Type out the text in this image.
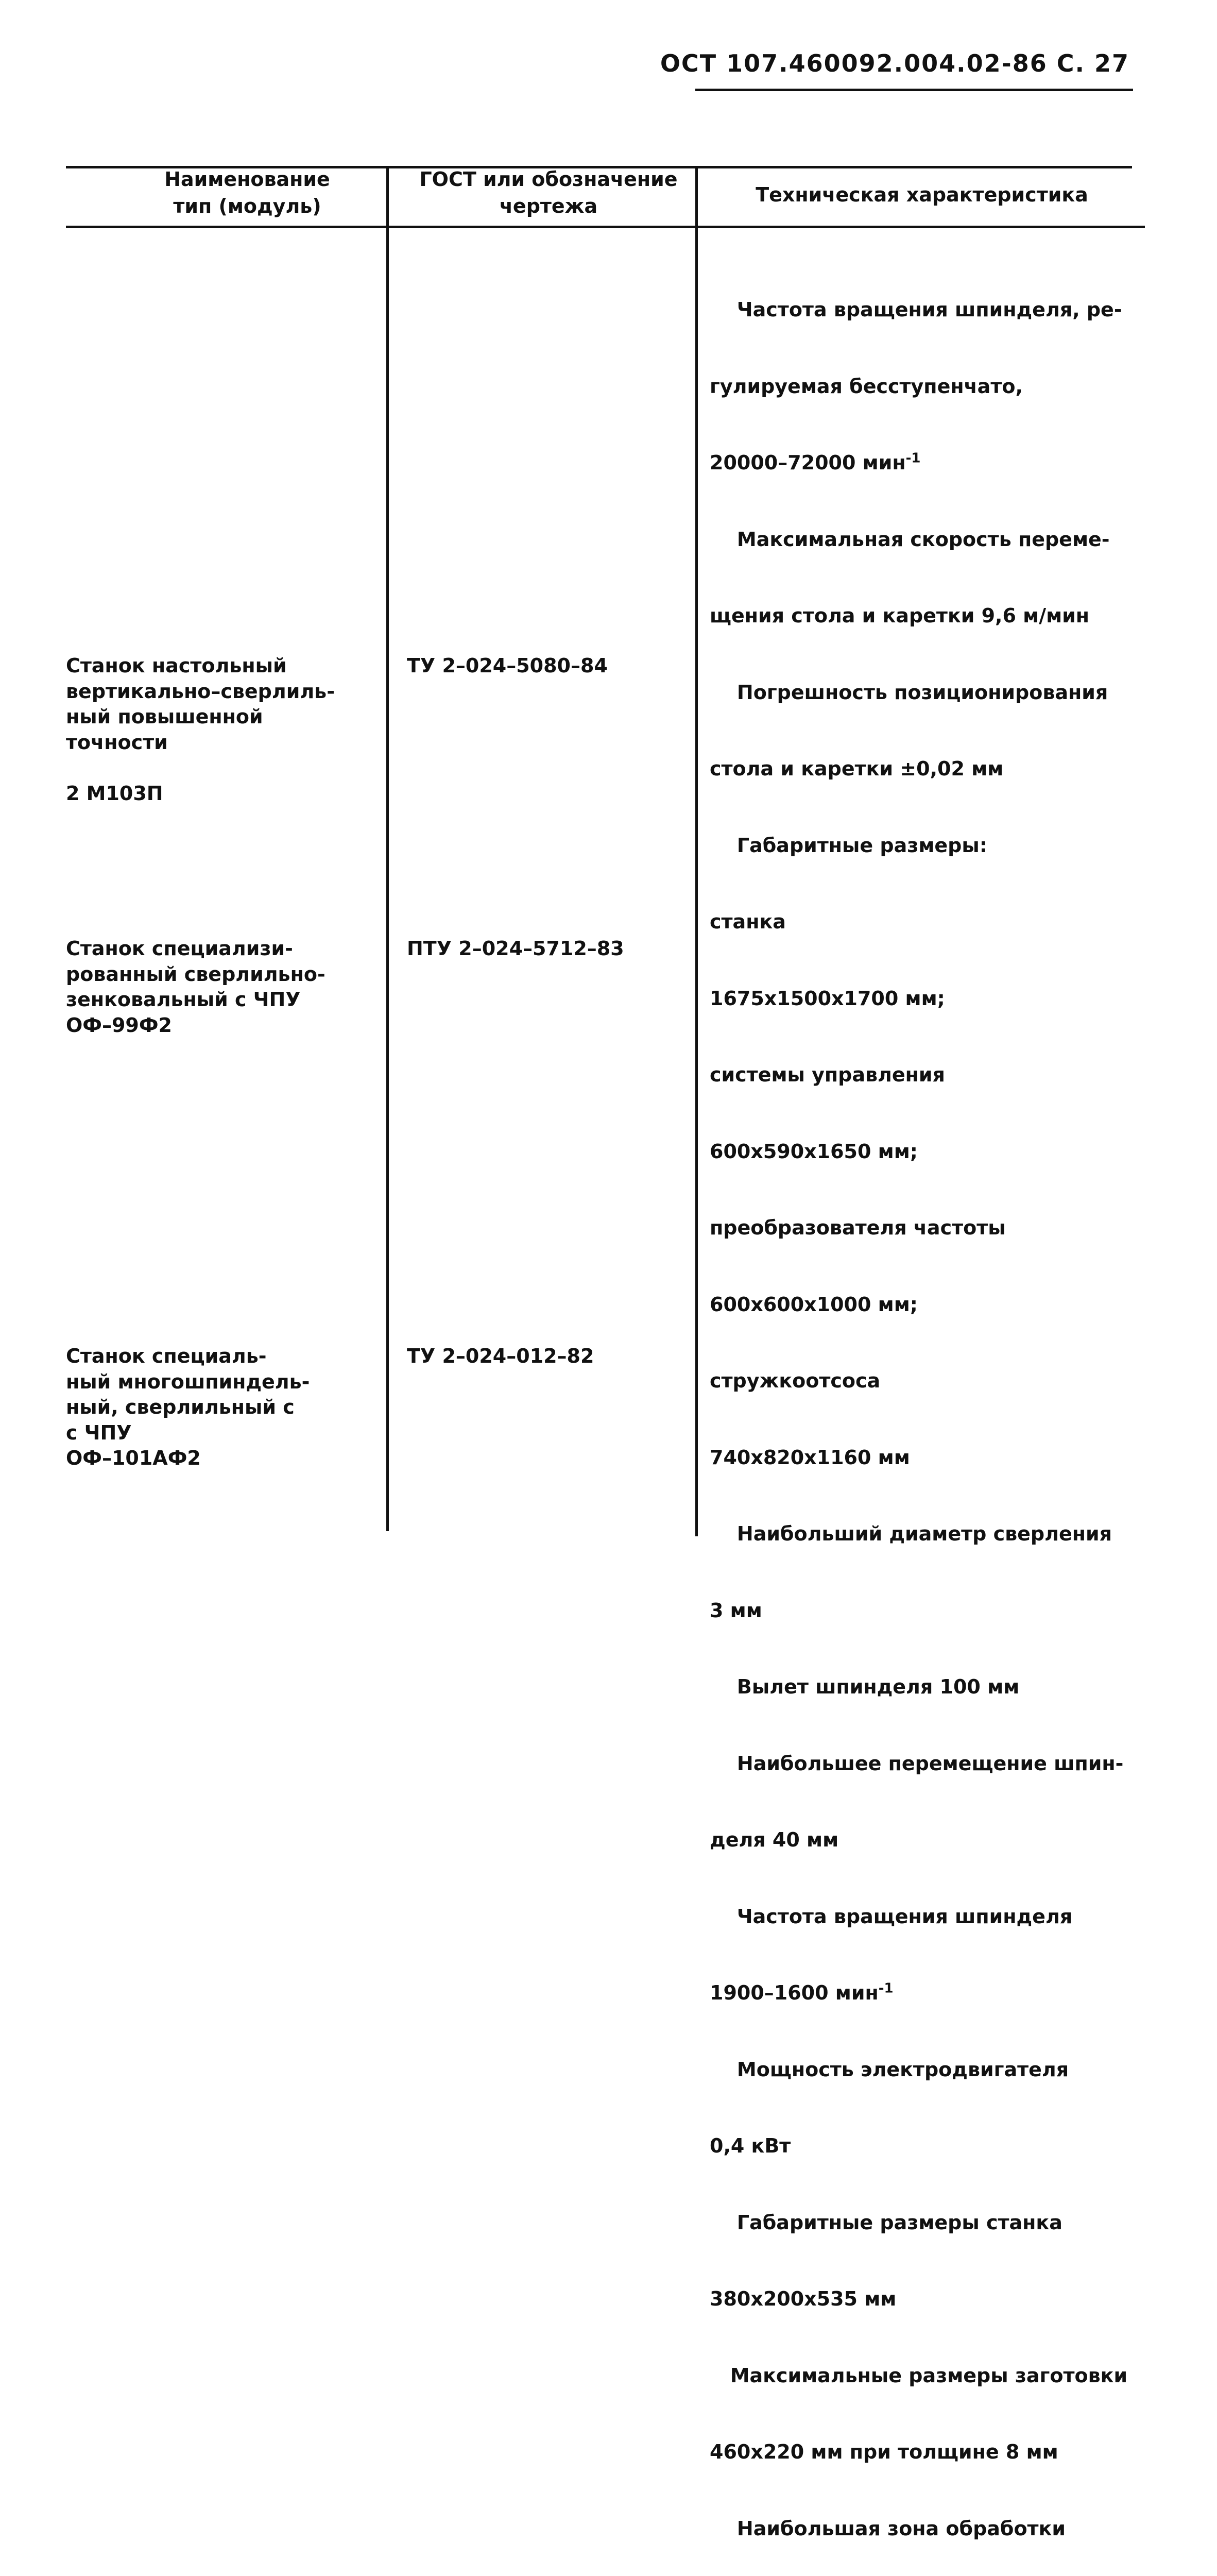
ОСТ 107.460092.004.02-86 С. 27
Наименование
тип (модуль)
ГОСТ или обозначение
чертежа	Техническая характеристика
Станок настольный
вертикально–сверлиль-
ный повышенной
точности

2 М103П
Станок специализи-
рованный сверлильно-
зенковальный с ЧПУ
ОФ–99Ф2
Станок специаль-
ный многошпиндель-
ный, сверлильный с
с ЧПУ
ОФ–101АФ2
ТУ 2–024–5080–84
ПТУ 2–024–5712–83
ТУ 2–024–012–82

Частота вращения шпинделя, ре-

гулируемая бесступенчато,

20000–72000 мин$^{-1}$

Максимальная скорость переме-

щения стола и каретки 9,6 м/мин

Погрешность позиционирования

стола и каретки ±0,02 мм

Габаритные размеры:

станка

1675х1500х1700 мм;

системы управления

600х590х1650 мм;

преобразователя частоты

600х600х1000 мм;

стружкоотсоса

740х820х1160 мм

Наибольший диаметр сверления

3 мм

Вылет шпинделя 100 мм

Наибольшее перемещение шпин-

деля 40 мм

Частота вращения шпинделя

1900–1600 мин$^{-1}$

Мощность электродвигателя

0,4 кВт

Габаритные размеры станка

380х200х535 мм

Максимальные размеры заготовки

460х220 мм при толщине 8 мм

Наибольшая зона обработки
